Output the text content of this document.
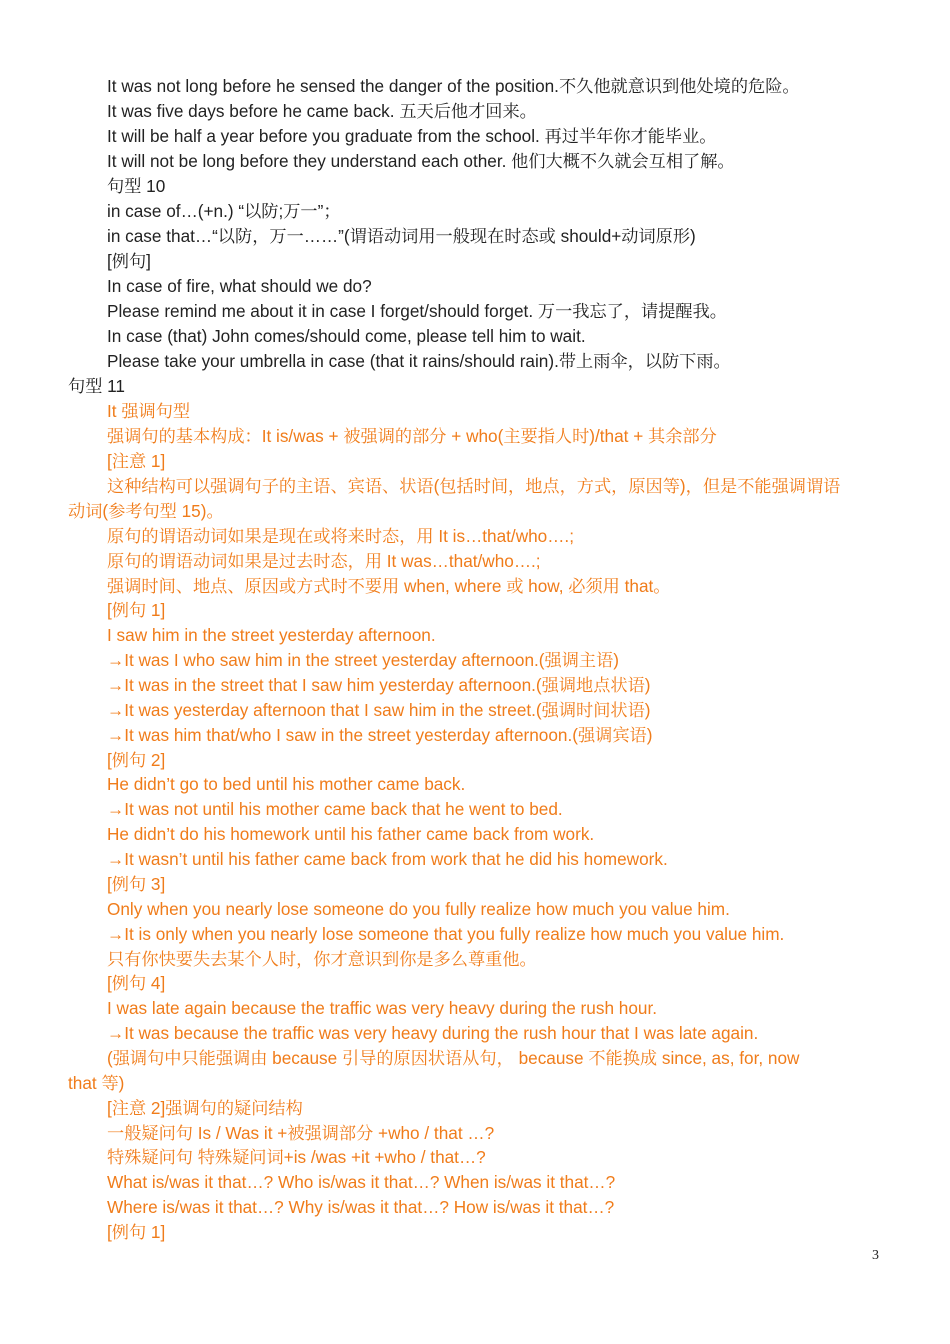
It was not long before he sensed the danger of the position.不久他就意识到他处境的危险。
It was five days before he came back. 五天后他才回来。
It will be half a year before you graduate from the school. 再过半年你才能毕业。
It will not be long before they understand each other. 他们大概不久就会互相了解。
句型 10
in case of…(+n.) “以防;万一”；
in case that…“以防，万一……”(谓语动词用一般现在时态或 should+动词原形)
[例句]
In case of fire, what should we do?
Please remind me about it in case I forget/should forget. 万一我忘了，请提醒我。
In case (that) John comes/should come, please tell him to wait.
Please take your umbrella in case (that it rains/should rain).带上雨伞，以防下雨。
句型 11
It 强调句型
强调句的基本构成：It is/was + 被强调的部分 + who(主要指人时)/that + 其余部分
[注意 1]
这种结构可以强调句子的主语、宾语、状语(包括时间，地点，方式，原因等)，但是不能强调谓语
动词(参考句型 15)。
原句的谓语动词如果是现在或将来时态，用 It is…that/who….;
原句的谓语动词如果是过去时态，用 It was…that/who….;
强调时间、地点、原因或方式时不要用 when, where 或 how, 必须用 that。
[例句 1]
I saw him in the street yesterday afternoon.
→It was I who saw him in the street yesterday afternoon.(强调主语)
→It was in the street that I saw him yesterday afternoon.(强调地点状语)
→It was yesterday afternoon that I saw him in the street.(强调时间状语)
→It was him that/who I saw in the street yesterday afternoon.(强调宾语)
[例句 2]
He didn’t go to bed until his mother came back.
→It was not until his mother came back that he went to bed.
He didn’t do his homework until his father came back from work.
→It wasn’t until his father came back from work that he did his homework.
[例句 3]
Only when you nearly lose someone do you fully realize how much you value him.
→It is only when you nearly lose someone that you fully realize how much you value him.
只有你快要失去某个人时，你才意识到你是多么尊重他。
[例句 4]
I was late again because the traffic was very heavy during the rush hour.
→It was because the traffic was very heavy during the rush hour that I was late again.
(强调句中只能强调由 because 引导的原因状语从句， because 不能换成 since, as, for, now
that 等)
[注意 2]强调句的疑问结构
一般疑问句 Is / Was it +被强调部分 +who / that …?
特殊疑问句 特殊疑问词+is /was +it +who / that…?
What is/was it that…? Who is/was it that…? When is/was it that…?
Where is/was it that…? Why is/was it that…? How is/was it that…?
[例句 1]
3
